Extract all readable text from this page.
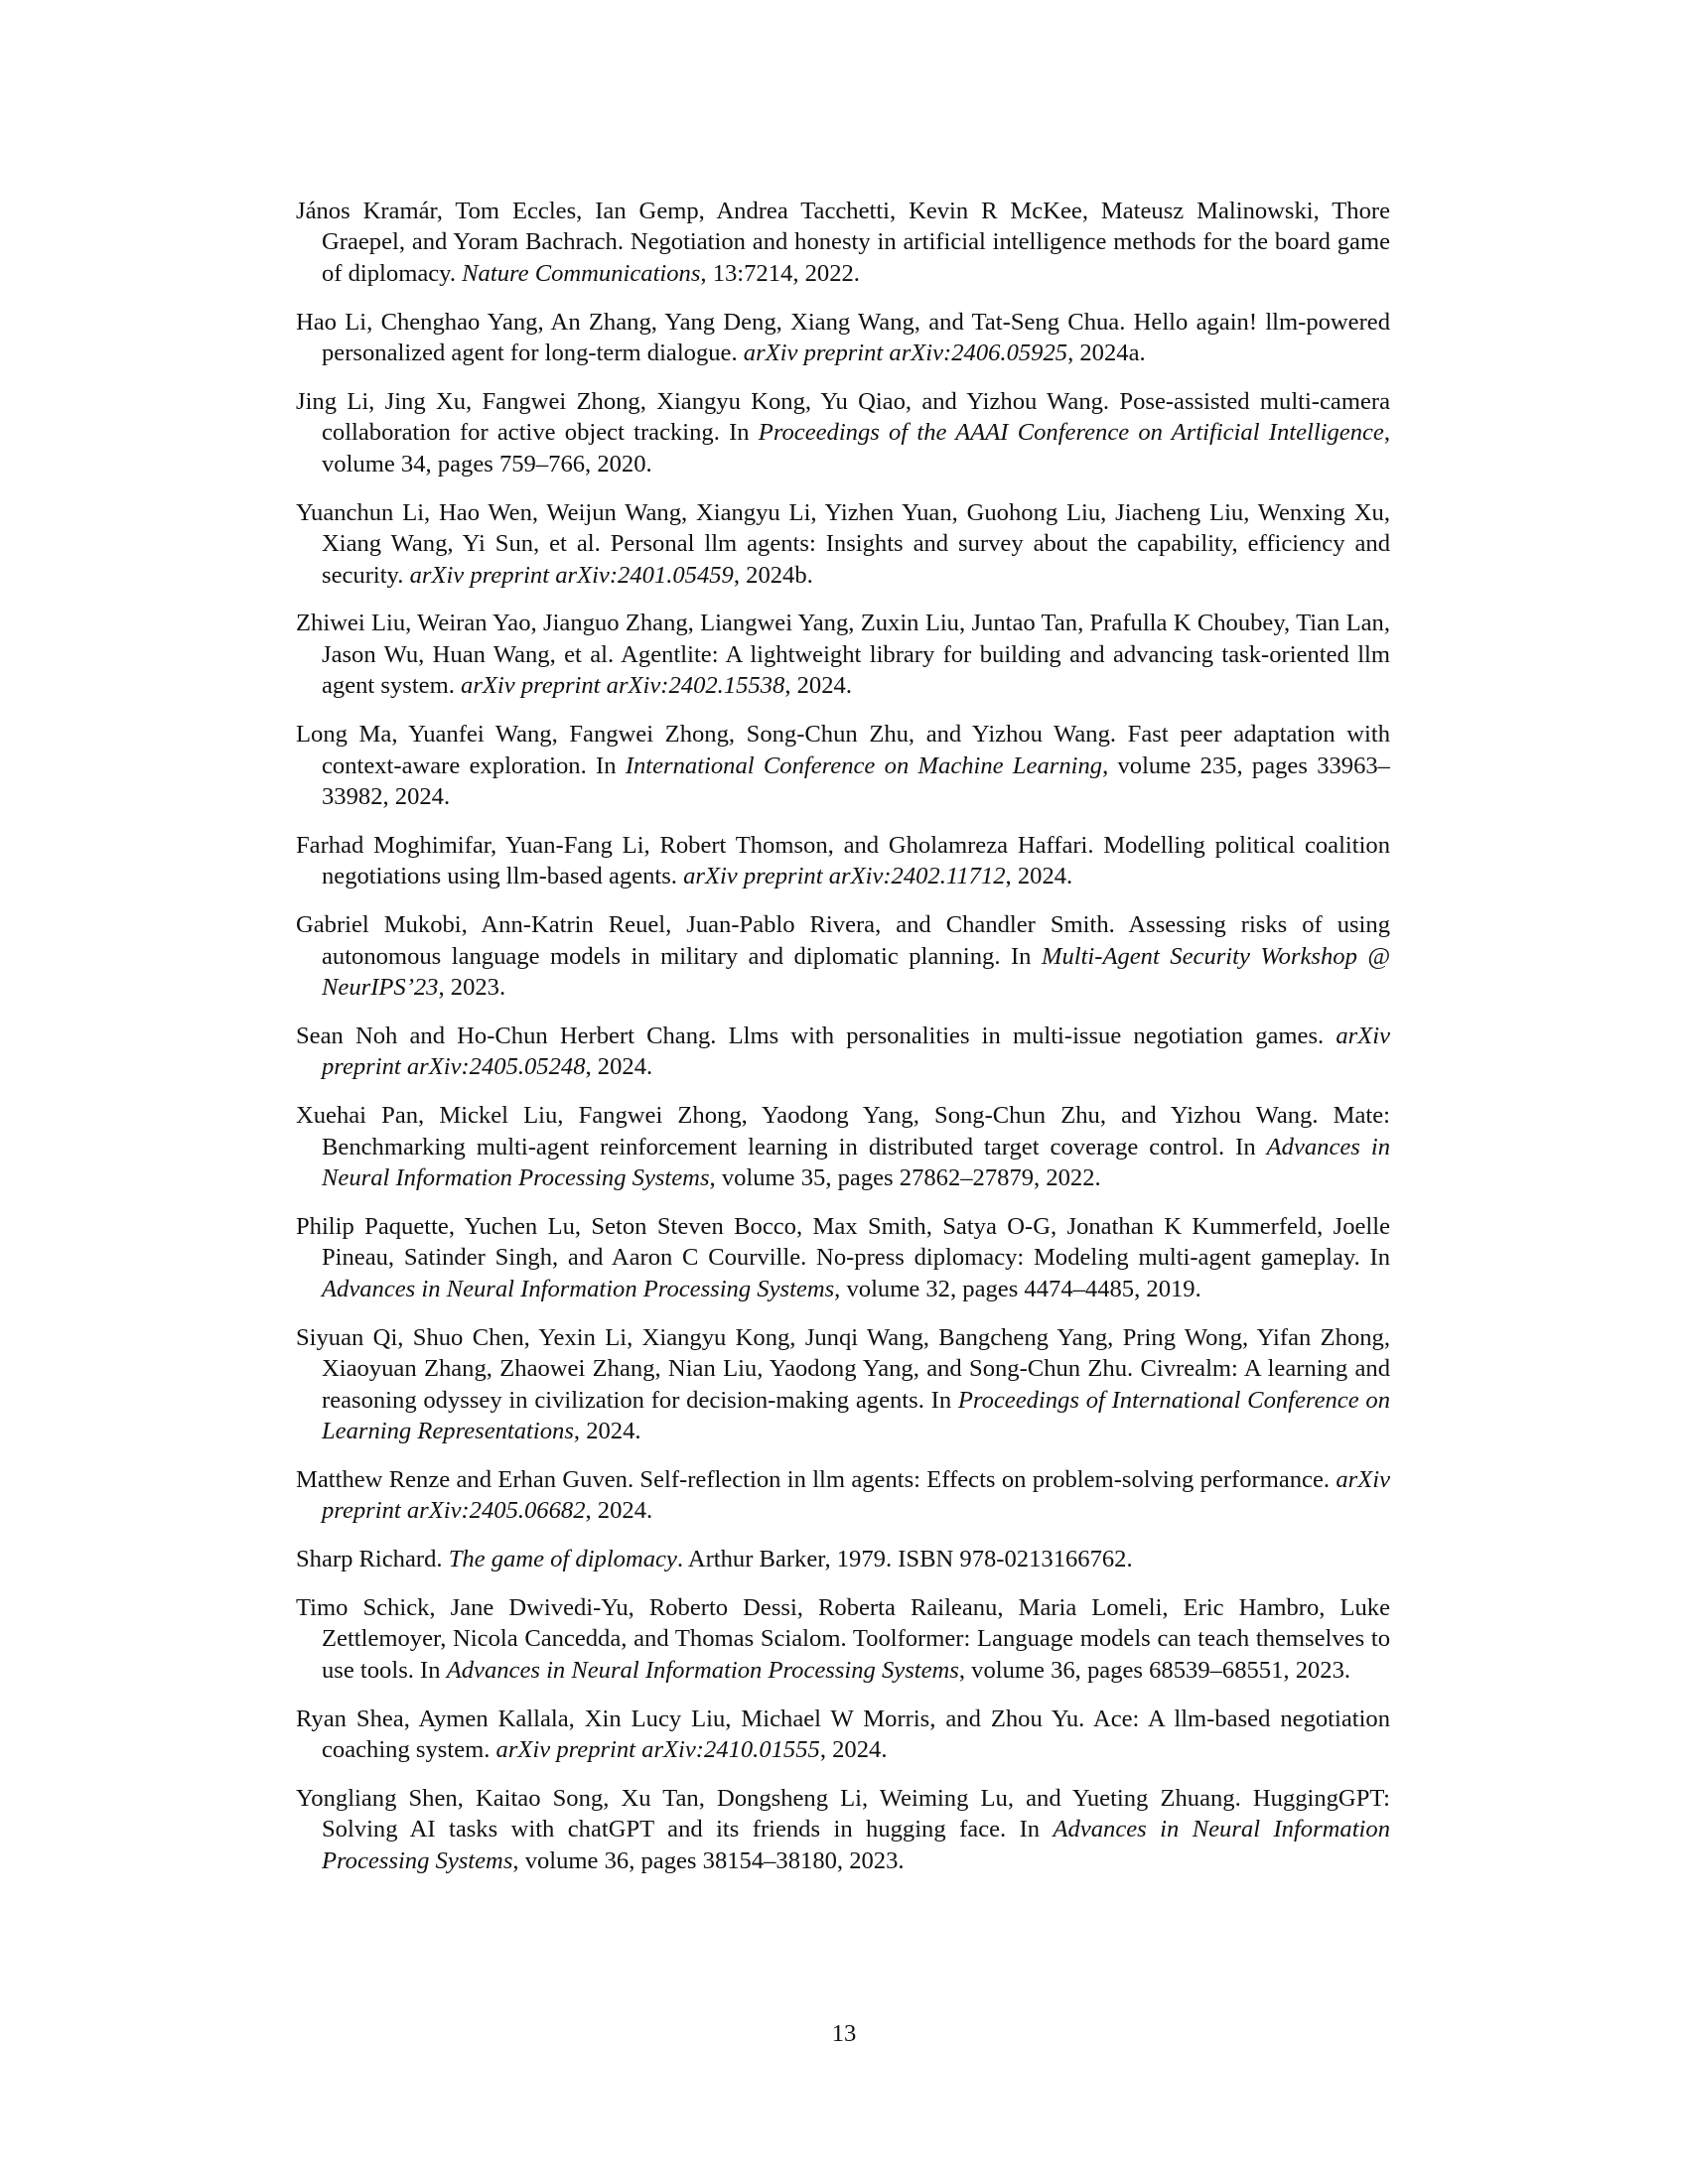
János Kramár, Tom Eccles, Ian Gemp, Andrea Tacchetti, Kevin R McKee, Mateusz Malinowski, Thore Graepel, and Yoram Bachrach. Negotiation and honesty in artificial intelligence methods for the board game of diplomacy. Nature Communications, 13:7214, 2022.
Hao Li, Chenghao Yang, An Zhang, Yang Deng, Xiang Wang, and Tat-Seng Chua. Hello again! llm-powered personalized agent for long-term dialogue. arXiv preprint arXiv:2406.05925, 2024a.
Jing Li, Jing Xu, Fangwei Zhong, Xiangyu Kong, Yu Qiao, and Yizhou Wang. Pose-assisted multi-camera collaboration for active object tracking. In Proceedings of the AAAI Conference on Artificial Intelligence, volume 34, pages 759–766, 2020.
Yuanchun Li, Hao Wen, Weijun Wang, Xiangyu Li, Yizhen Yuan, Guohong Liu, Jiacheng Liu, Wenxing Xu, Xiang Wang, Yi Sun, et al. Personal llm agents: Insights and survey about the capability, efficiency and security. arXiv preprint arXiv:2401.05459, 2024b.
Zhiwei Liu, Weiran Yao, Jianguo Zhang, Liangwei Yang, Zuxin Liu, Juntao Tan, Prafulla K Choubey, Tian Lan, Jason Wu, Huan Wang, et al. Agentlite: A lightweight library for building and advancing task-oriented llm agent system. arXiv preprint arXiv:2402.15538, 2024.
Long Ma, Yuanfei Wang, Fangwei Zhong, Song-Chun Zhu, and Yizhou Wang. Fast peer adaptation with context-aware exploration. In International Conference on Machine Learning, volume 235, pages 33963–33982, 2024.
Farhad Moghimifar, Yuan-Fang Li, Robert Thomson, and Gholamreza Haffari. Modelling political coalition negotiations using llm-based agents. arXiv preprint arXiv:2402.11712, 2024.
Gabriel Mukobi, Ann-Katrin Reuel, Juan-Pablo Rivera, and Chandler Smith. Assessing risks of using autonomous language models in military and diplomatic planning. In Multi-Agent Security Workshop @ NeurIPS’23, 2023.
Sean Noh and Ho-Chun Herbert Chang. Llms with personalities in multi-issue negotiation games. arXiv preprint arXiv:2405.05248, 2024.
Xuehai Pan, Mickel Liu, Fangwei Zhong, Yaodong Yang, Song-Chun Zhu, and Yizhou Wang. Mate: Benchmarking multi-agent reinforcement learning in distributed target coverage control. In Advances in Neural Information Processing Systems, volume 35, pages 27862–27879, 2022.
Philip Paquette, Yuchen Lu, Seton Steven Bocco, Max Smith, Satya O-G, Jonathan K Kummerfeld, Joelle Pineau, Satinder Singh, and Aaron C Courville. No-press diplomacy: Modeling multi-agent gameplay. In Advances in Neural Information Processing Systems, volume 32, pages 4474–4485, 2019.
Siyuan Qi, Shuo Chen, Yexin Li, Xiangyu Kong, Junqi Wang, Bangcheng Yang, Pring Wong, Yifan Zhong, Xiaoyuan Zhang, Zhaowei Zhang, Nian Liu, Yaodong Yang, and Song-Chun Zhu. Civrealm: A learning and reasoning odyssey in civilization for decision-making agents. In Proceedings of International Conference on Learning Representations, 2024.
Matthew Renze and Erhan Guven. Self-reflection in llm agents: Effects on problem-solving performance. arXiv preprint arXiv:2405.06682, 2024.
Sharp Richard. The game of diplomacy. Arthur Barker, 1979. ISBN 978-0213166762.
Timo Schick, Jane Dwivedi-Yu, Roberto Dessi, Roberta Raileanu, Maria Lomeli, Eric Hambro, Luke Zettlemoyer, Nicola Cancedda, and Thomas Scialom. Toolformer: Language models can teach themselves to use tools. In Advances in Neural Information Processing Systems, volume 36, pages 68539–68551, 2023.
Ryan Shea, Aymen Kallala, Xin Lucy Liu, Michael W Morris, and Zhou Yu. Ace: A llm-based negotiation coaching system. arXiv preprint arXiv:2410.01555, 2024.
Yongliang Shen, Kaitao Song, Xu Tan, Dongsheng Li, Weiming Lu, and Yueting Zhuang. HuggingGPT: Solving AI tasks with chatGPT and its friends in hugging face. In Advances in Neural Information Processing Systems, volume 36, pages 38154–38180, 2023.
13
